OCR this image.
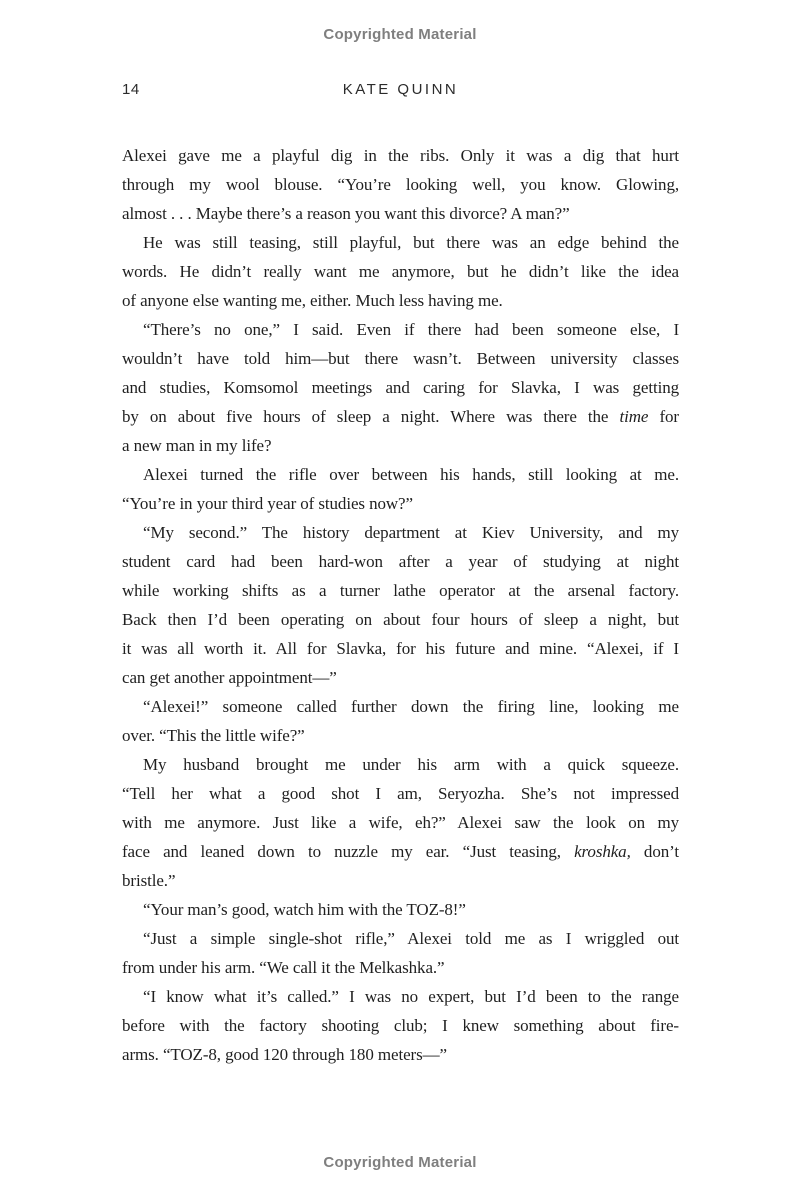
Copyrighted Material
14	KATE QUINN
Alexei gave me a playful dig in the ribs. Only it was a dig that hurt
through my wool blouse. “You’re looking well, you know. Glowing,
almost . . . Maybe there’s a reason you want this divorce? A man?”
He was still teasing, still playful, but there was an edge behind the
words. He didn’t really want me anymore, but he didn’t like the idea
of anyone else wanting me, either. Much less having me.
“There’s no one,” I said. Even if there had been someone else, I
wouldn’t have told him—but there wasn’t. Between university classes
and studies, Komsomol meetings and caring for Slavka, I was getting
by on about five hours of sleep a night. Where was there the time for
a new man in my life?
Alexei turned the rifle over between his hands, still looking at me.
“You’re in your third year of studies now?”
“My second.” The history department at Kiev University, and my
student card had been hard-won after a year of studying at night
while working shifts as a turner lathe operator at the arsenal factory.
Back then I’d been operating on about four hours of sleep a night, but
it was all worth it. All for Slavka, for his future and mine. “Alexei, if I
can get another appointment—”
“Alexei!” someone called further down the firing line, looking me
over. “This the little wife?”
My husband brought me under his arm with a quick squeeze.
“Tell her what a good shot I am, Seryozha. She’s not impressed
with me anymore. Just like a wife, eh?” Alexei saw the look on my
face and leaned down to nuzzle my ear. “Just teasing, kroshka, don’t
bristle.”
“Your man’s good, watch him with the TOZ-8!”
“Just a simple single-shot rifle,” Alexei told me as I wriggled out
from under his arm. “We call it the Melkashka.”
“I know what it’s called.” I was no expert, but I’d been to the range
before with the factory shooting club; I knew something about fire-
arms. “TOZ-8, good 120 through 180 meters—”
Copyrighted Material
